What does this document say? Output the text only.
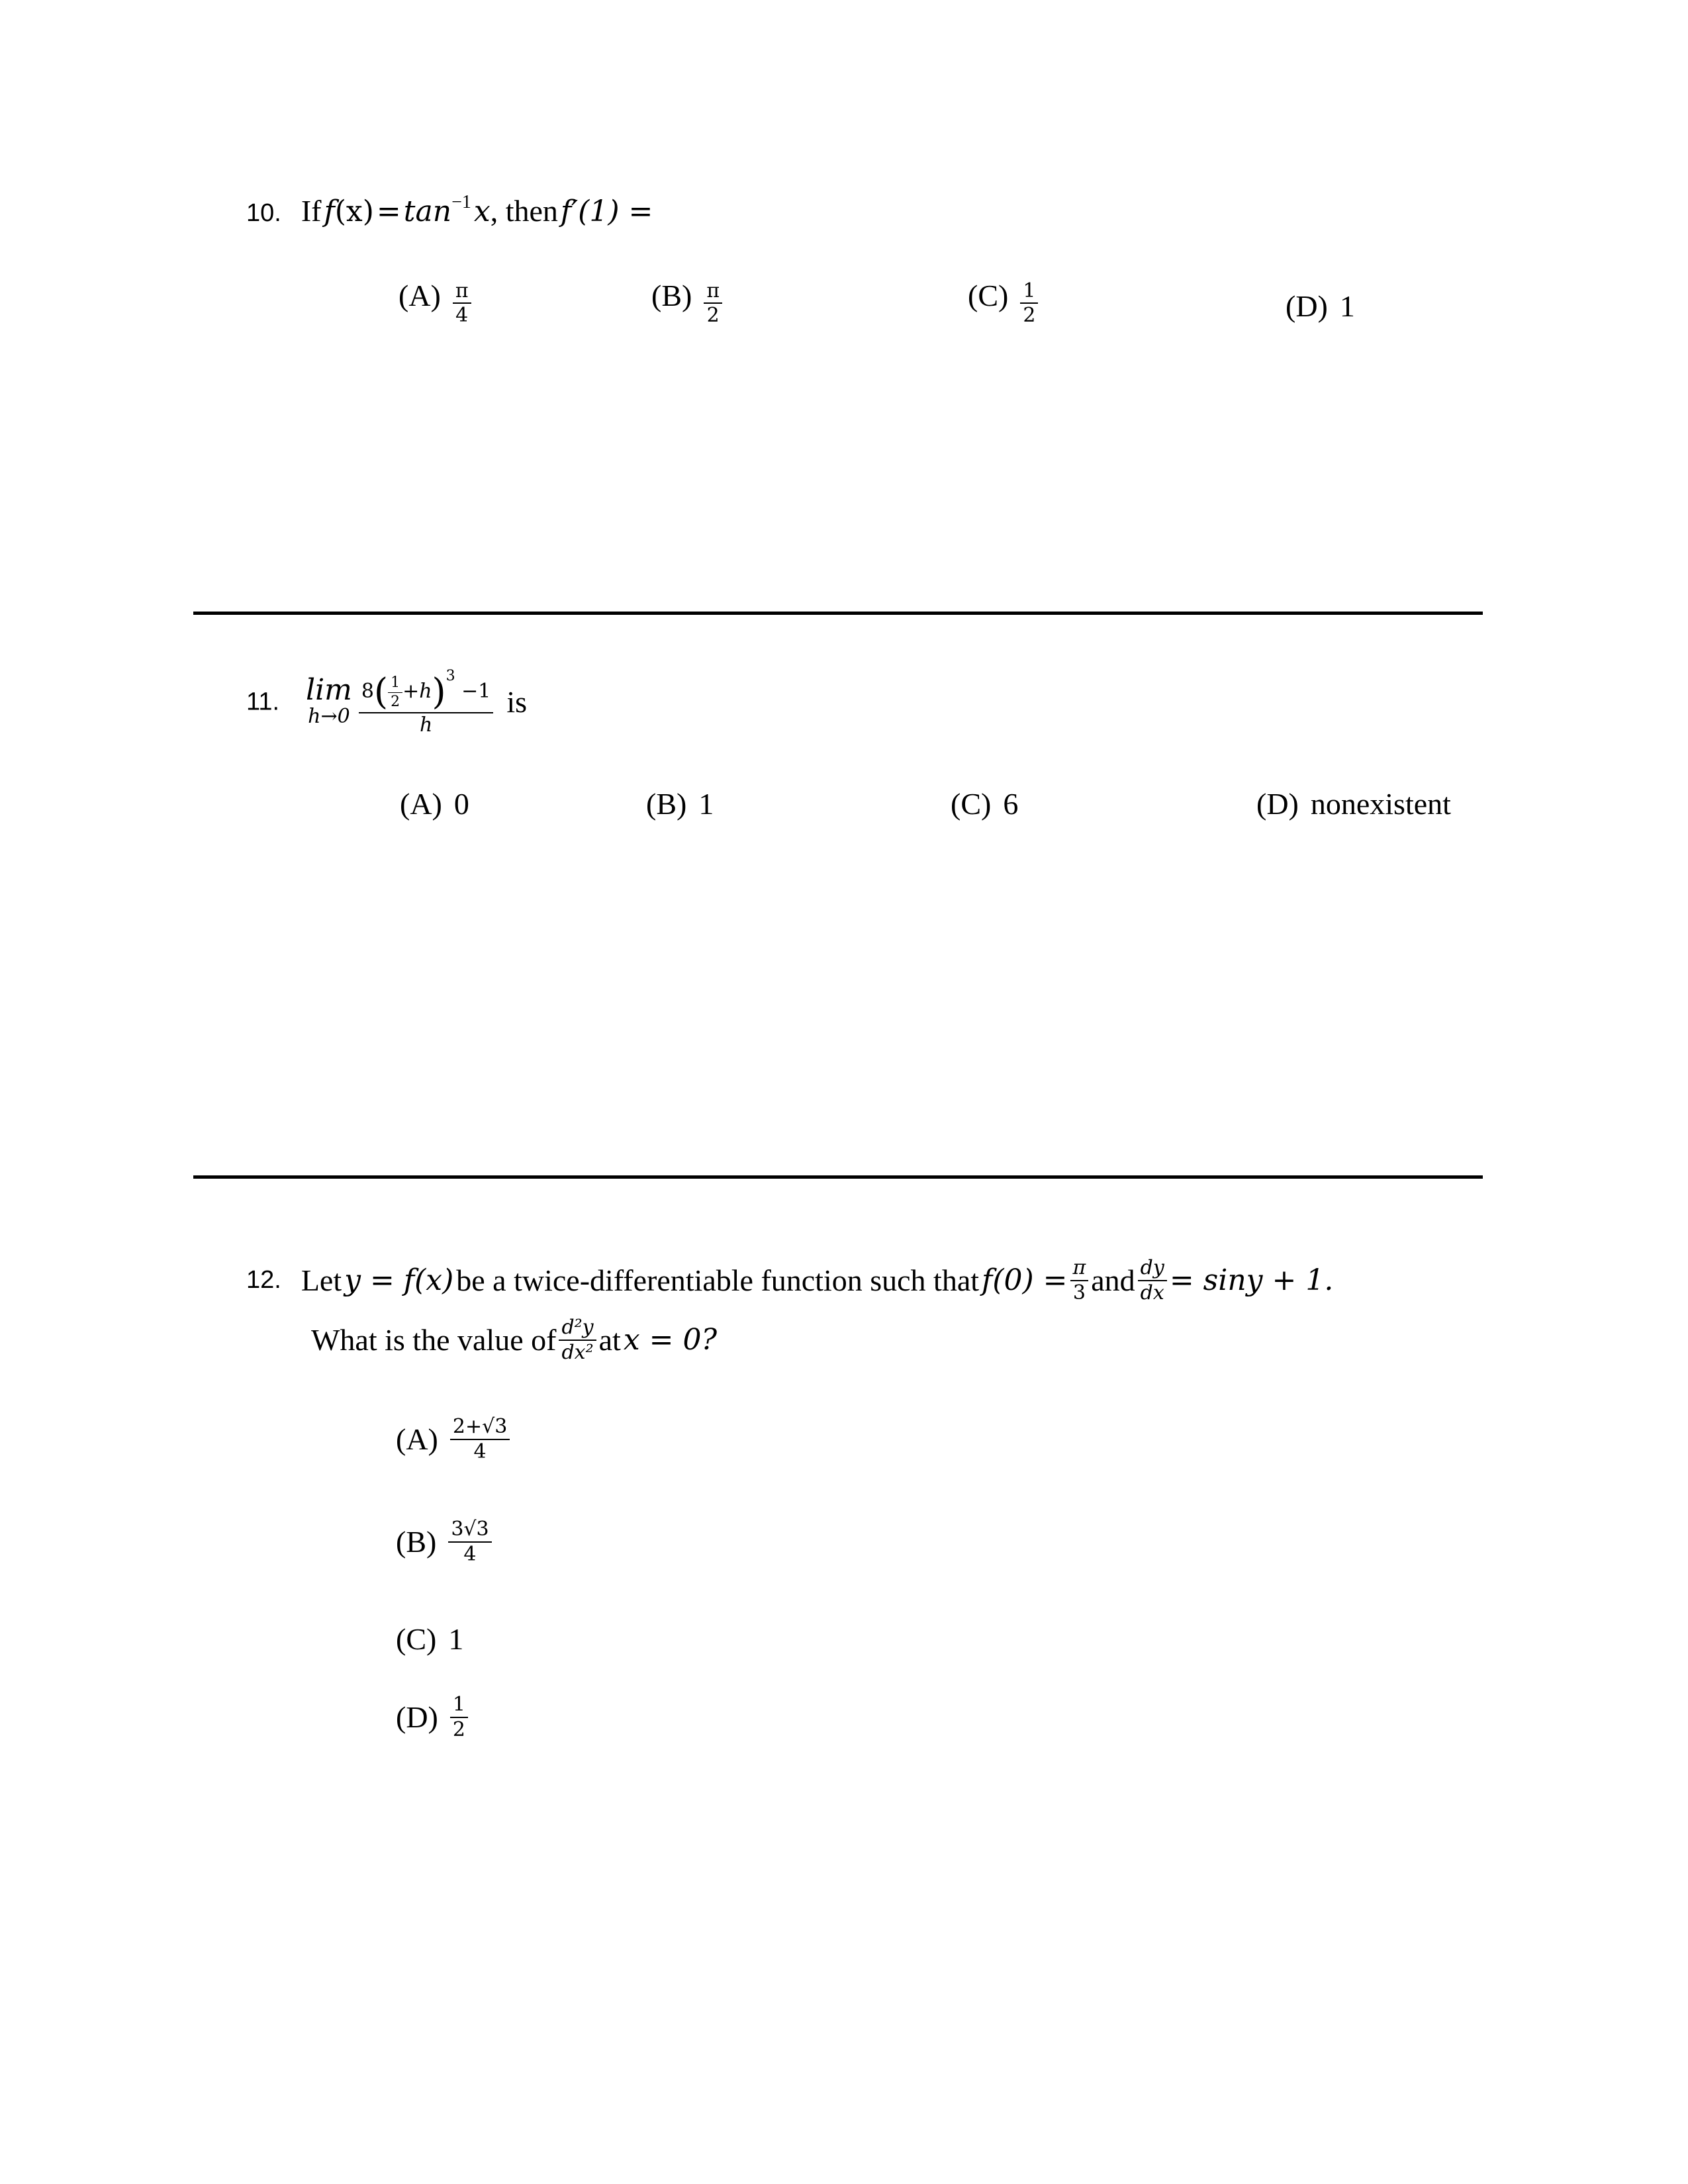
10. If f(x) = tan−1 x, then f′(1) =
$(A) \frac{\pi}{4}$	$(B) \frac{\pi}{2}$	$(C) \frac{1}{2}$	(D) 1
11. lim
h→0
$\frac{8( \frac{1}{2} +h)^3 -1}{h}$ is
(A) 0	(B) 1	(C) 6	(D) nonexistent
12. Let y = f(x) be a twice-differentiable function such that $f(0) = \frac{\pi}{3}$ and $\frac{dy}{dx} = \sin y + 1$.
What is the value of $\frac{\text{d²y}}{\text{dx²}}$ at x = 0?
$(A) \frac{2+√3}{4}$
$(B) \frac{3√3}{4}$
(C) 1
$(D) \frac{1}{2}$
